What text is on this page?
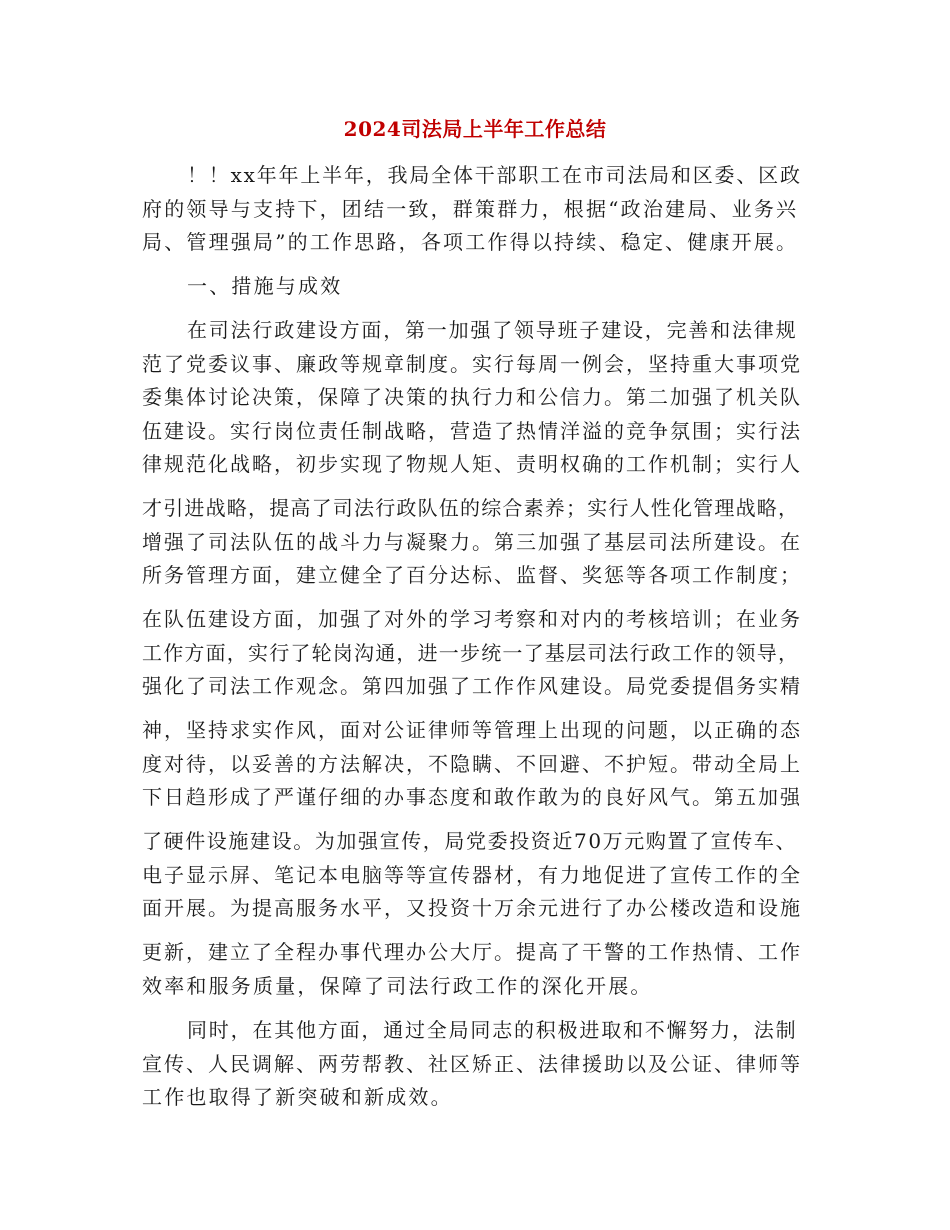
2024司法局上半年工作总结
！！xx年年上半年，我局全体干部职工在市司法局和区委、区政
府的领导与支持下，团结一致，群策群力，根据“政治建局、业务兴
局、管理强局”的工作思路，各项工作得以持续、稳定、健康开展。
一、措施与成效
在司法行政建设方面，第一加强了领导班子建设，完善和法律规
范了党委议事、廉政等规章制度。实行每周一例会，坚持重大事项党
委集体讨论决策，保障了决策的执行力和公信力。第二加强了机关队
伍建设。实行岗位责任制战略，营造了热情洋溢的竞争氛围；实行法
律规范化战略，初步实现了物规人矩、责明权确的工作机制；实行人
才引进战略，提高了司法行政队伍的综合素养；实行人性化管理战略，
增强了司法队伍的战斗力与凝聚力。第三加强了基层司法所建设。在
所务管理方面，建立健全了百分达标、监督、奖惩等各项工作制度；
在队伍建设方面，加强了对外的学习考察和对内的考核培训；在业务
工作方面，实行了轮岗沟通，进一步统一了基层司法行政工作的领导，
强化了司法工作观念。第四加强了工作作风建设。局党委提倡务实精
神，坚持求实作风，面对公证律师等管理上出现的问题，以正确的态
度对待，以妥善的方法解决，不隐瞒、不回避、不护短。带动全局上
下日趋形成了严谨仔细的办事态度和敢作敢为的良好风气。第五加强
了硬件设施建设。为加强宣传，局党委投资近70万元购置了宣传车、
电子显示屏、笔记本电脑等等宣传器材，有力地促进了宣传工作的全
面开展。为提高服务水平，又投资十万余元进行了办公楼改造和设施
更新，建立了全程办事代理办公大厅。提高了干警的工作热情、工作
效率和服务质量，保障了司法行政工作的深化开展。
同时，在其他方面，通过全局同志的积极进取和不懈努力，法制
宣传、人民调解、两劳帮教、社区矫正、法律援助以及公证、律师等
工作也取得了新突破和新成效。
